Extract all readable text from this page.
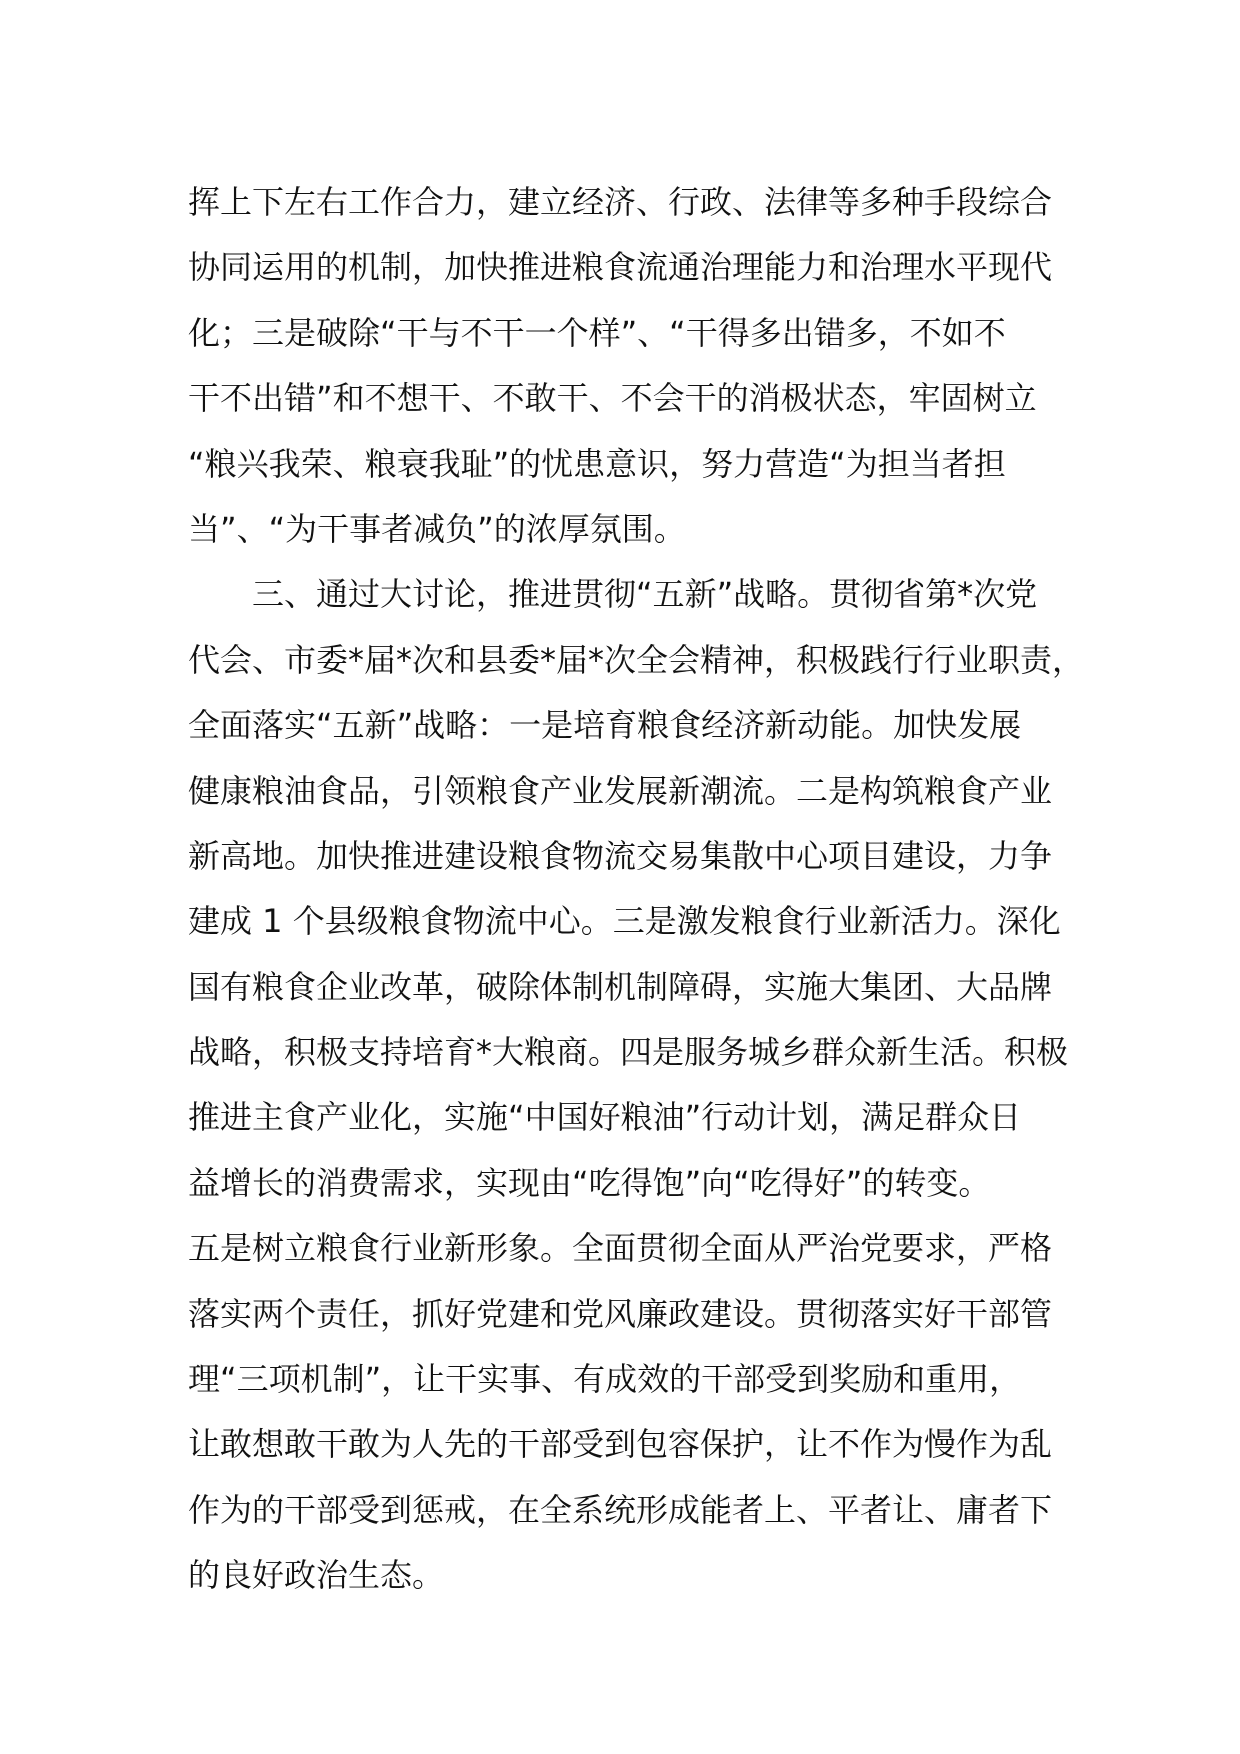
挥上下左右工作合力，建立经济、行政、法律等多种手段综合
协同运用的机制，加快推进粮食流通治理能力和治理水平现代
化；三是破除“干与不干一个样”、“干得多出错多，不如不
干不出错”和不想干、不敢干、不会干的消极状态，牢固树立
“粮兴我荣、粮衰我耻”的忧患意识，努力营造“为担当者担
当”、“为干事者减负”的浓厚氛围。
三、通过大讨论，推进贯彻“五新”战略。贯彻省第*次党
代会、市委*届*次和县委*届*次全会精神，积极践行行业职责，
全面落实“五新”战略：一是培育粮食经济新动能。加快发展
健康粮油食品，引领粮食产业发展新潮流。二是构筑粮食产业
新高地。加快推进建设粮食物流交易集散中心项目建设，力争
建成 1 个县级粮食物流中心。三是激发粮食行业新活力。深化
国有粮食企业改革，破除体制机制障碍，实施大集团、大品牌
战略，积极支持培育*大粮商。四是服务城乡群众新生活。积极
推进主食产业化，实施“中国好粮油”行动计划，满足群众日
益增长的消费需求，实现由“吃得饱”向“吃得好”的转变。
五是树立粮食行业新形象。全面贯彻全面从严治党要求，严格
落实两个责任，抓好党建和党风廉政建设。贯彻落实好干部管
理“三项机制”，让干实事、有成效的干部受到奖励和重用，
让敢想敢干敢为人先的干部受到包容保护，让不作为慢作为乱
作为的干部受到惩戒，在全系统形成能者上、平者让、庸者下
的良好政治生态。
